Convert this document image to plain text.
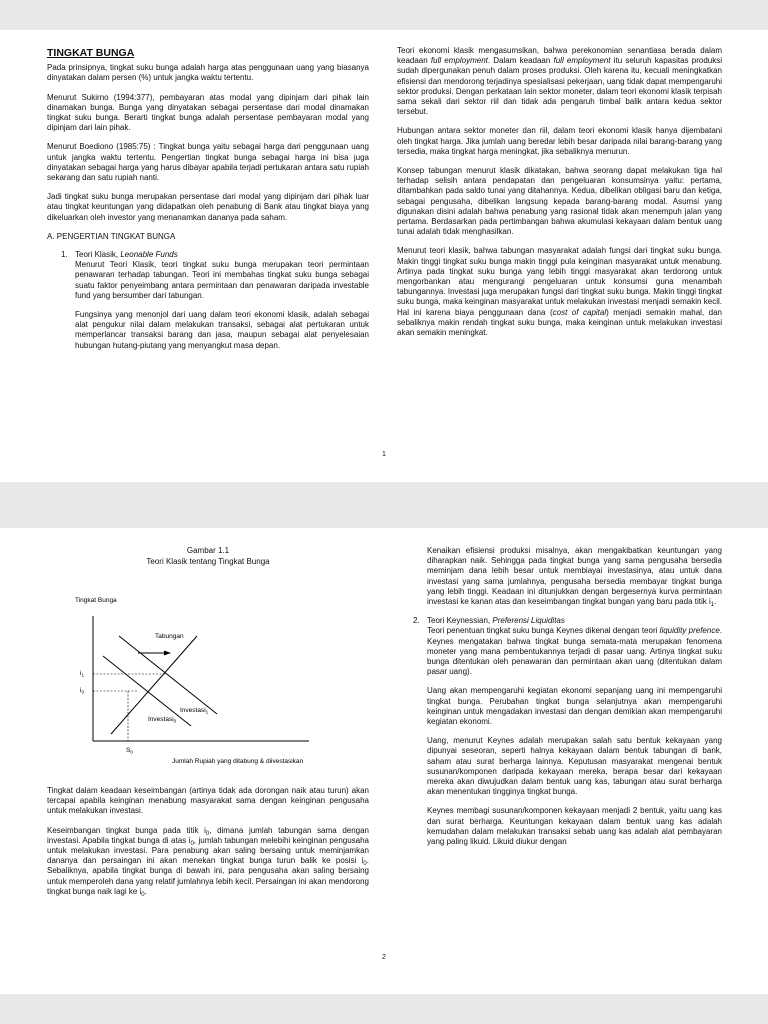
TINGKAT BUNGA

Pada prinsipnya, tingkat suku bunga adalah harga atas penggunaan uang yang biasanya dinyatakan dalam persen (%) untuk jangka waktu tertentu.

Menurut Sukirno (1994:377), pembayaran atas modal yang dipinjam dari pihak lain dinamakan bunga. Bunga yang dinyatakan sebagai persentase dari modal dinamakan tingkat suku bunga. Berarti tingkat bunga adalah persentase pembayaran modal yang dipinjam dari lain pihak.

Menurut Boediono (1985:75) : Tingkat bunga yaitu sebagai harga dari penggunaan uang untuk jangka waktu tertentu. Pengertian tingkat bunga sebagai harga ini bisa juga dinyatakan sebagai harga yang harus dibayar apabila terjadi pertukaran antara satu rupiah sekarang dan satu rupiah nanti.

Jadi tingkat suku bunga merupakan persentase dari modal yang dipinjam dari pihak luar atau tingkat keuntungan yang didapatkan oleh penabung di Bank atau tingkat biaya yang dikeluarkan oleh investor yang menanamkan dananya pada saham.

A. PENGERTIAN TINGKAT BUNGA
1. Teori Klasik, Leonable Funds

Menurut Teori Klasik, teori tingkat suku bunga merupakan teori permintaan penawaran terhadap tabungan. Teori ini membahas tingkat suku bunga sebagai suatu faktor penyeimbang antara permintaan dan penawaran daripada investable fund yang bersumber dari tabungan.

Fungsinya yang menonjol dari uang dalam teori ekonomi klasik, adalah sebagai alat pengukur nilai dalam melakukan transaksi, sebagai alat pertukaran untuk memperlancar transaksi barang dan jasa, maupun sebagai alat penyelesaian hubungan hutang-piutang yang menyangkut masa depan.

Teori ekonomi klasik mengasumsikan, bahwa perekonomian senantiasa berada dalam keadaan full employment. Dalam keadaan full employment itu seluruh kapasitas produksi sudah dipergunakan penuh dalam proses produksi. Oleh karena itu, kecuali meningkatkan efisiensi dan mendorong terjadinya spesialisasi pekerjaan, uang tidak dapat mempengaruhi sektor produksi. Dengan perkataan lain sektor moneter, dalam teori ekonomi klasik terpisah sama sekali dari sektor riil dan tidak ada pengaruh timbal balik antara kedua sektor tersebut.

Hubungan antara sektor moneter dan riil, dalam teori ekonomi klasik hanya dijembatani oleh tingkat harga. Jika jumlah uang beredar lebih besar daripada nilai barang-barang yang tersedia, maka tingkat harga meningkat, jika sebaliknya menurun.

Konsep tabungan menurut klasik dikatakan, bahwa seorang dapat melakukan tiga hal terhadap selisih antara pendapatan dan pengeluaran konsumsinya yaitu: pertama, ditambahkan pada saldo tunai yang ditahannya. Kedua, dibelikan obligasi baru dan ketiga, sebagai pengusaha, dibelikan langsung kepada barang-barang modal. Asumsi yang digunakan disini adalah bahwa penabung yang rasional tidak akan menempuh jalan yang pertama. Berdasarkan pada pertimbangan bahwa akumulasi kekayaan dalam bentuk uang tunai adalah tidak menghasilkan.

Menurut teori klasik, bahwa tabungan masyarakat adalah fungsi dari tingkat suku bunga. Makin tinggi tingkat suku bunga makin tinggi pula keinginan masyarakat untuk menabung. Artinya pada tingkat suku bunga yang lebih tinggi masyarakat akan terdorong untuk mengorbankan atau mengurangi pengeluaran untuk konsumsi guna menambah tabungannya. Investasi juga merupakan fungsi dari tingkat suku bunga. Makin tinggi tingkat suku bunga, maka keinginan masyarakat untuk melakukan investasi menjadi semakin kecil. Hal ini karena biaya penggunaan dana (cost of capital) menjadi semakin mahal, dan sebaliknya makin rendah tingkat suku bunga, maka keinginan untuk melakukan investasi akan semakin meningkat.

1
Gambar 1.1
Teori Klasik tentang Tingkat Bunga
Tingkat Bunga
Jumlah Rupiah yang ditabung & diivestasikan
Tabungan
Investasi$_1$
Investasi$_0$
$i_1$
$i_0$
$S_0$

Tingkat dalam keadaan keseimbangan (artinya tidak ada dorongan naik atau turun) akan tercapai apabila keinginan menabung masyarakat sama dengan keinginan pengusaha untuk melakukan investasi.

Keseimbangan tingkat bunga pada titik $i_0$, dimana jumlah tabungan sama dengan investasi. Apabila tingkat bunga di atas $i_0$, jumlah tabungan melebihi keinginan pengusaha untuk melakukan investasi. Para penabung akan saling bersaing untuk meminjamkan dananya dan persaingan ini akan menekan tingkat bunga turun balik ke posisi $i_0$. Sebaliknya, apabila tingkat bunga di bawah ini, para pengusaha akan saling bersaing untuk memperoleh dana yang relatif jumlahnya lebih kecil. Persaingan ini akan mendorong tingkat bunga naik lagi ke $i_0$.

Kenaikan efisiensi produksi misalnya, akan mengakibatkan keuntungan yang diharapkan naik. Sehingga pada tingkat bunga yang sama pengusaha bersedia meminjam dana lebih besar untuk membiayai investasinya, atau untuk dana investasi yang sama jumlahnya, pengusaha bersedia membayar tingkat bunga yang lebih tinggi. Keadaan ini ditunjukkan dengan bergesernya kurva permintaan investasi ke kanan atas dan keseimbangan tingkat bungan yang baru pada titik $i_1$.

2. Teori Keynessian, Preferensi Liquiditas

Teori penentuan tingkat suku bunga Keynes dikenal dengan teori liquidity prefence. Keynes mengatakan bahwa tingkat bunga semata-mata merupakan fenomena moneter yang mana pembentukannya terjadi di pasar uang. Artinya tingkat suku bunga ditentukan oleh penawaran dan permintaan akan uang (ditentukan dalam pasar uang).

Uang akan mempengaruhi kegiatan ekonomi sepanjang uang ini mempengaruhi tingkat bunga. Perubahan tingkat bunga selanjutnya akan mempengaruhi keinginan untuk mengadakan investasi dan dengan demikian akan mempengaruhi kegiatan ekonomi.

Uang, menurut Keynes adalah merupakan salah satu bentuk kekayaan yang dipunyai seseoran, seperti halnya kekayaan dalam bentuk tabungan di bank, saham atau surat berharga lainnya. Keputusan masyarakat mengenai bentuk susunan/komponen daripada kekayaan mereka, berapa besar dari kekayaan mereka akan diwujudkan dalam bentuk uang kas, tabungan atau surat berharga akan menentukan tingginya tingkat bunga.

Keynes membagi susunan/komponen kekayaan menjadi 2 bentuk, yaitu uang kas dan surat berharga. Keuntungan kekayaan dalam bentuk uang kas adalah kemudahan dalam melakukan transaksi sebab uang kas adalah alat pembayaran yang paling likuid. Likuid diukur dengan

2
